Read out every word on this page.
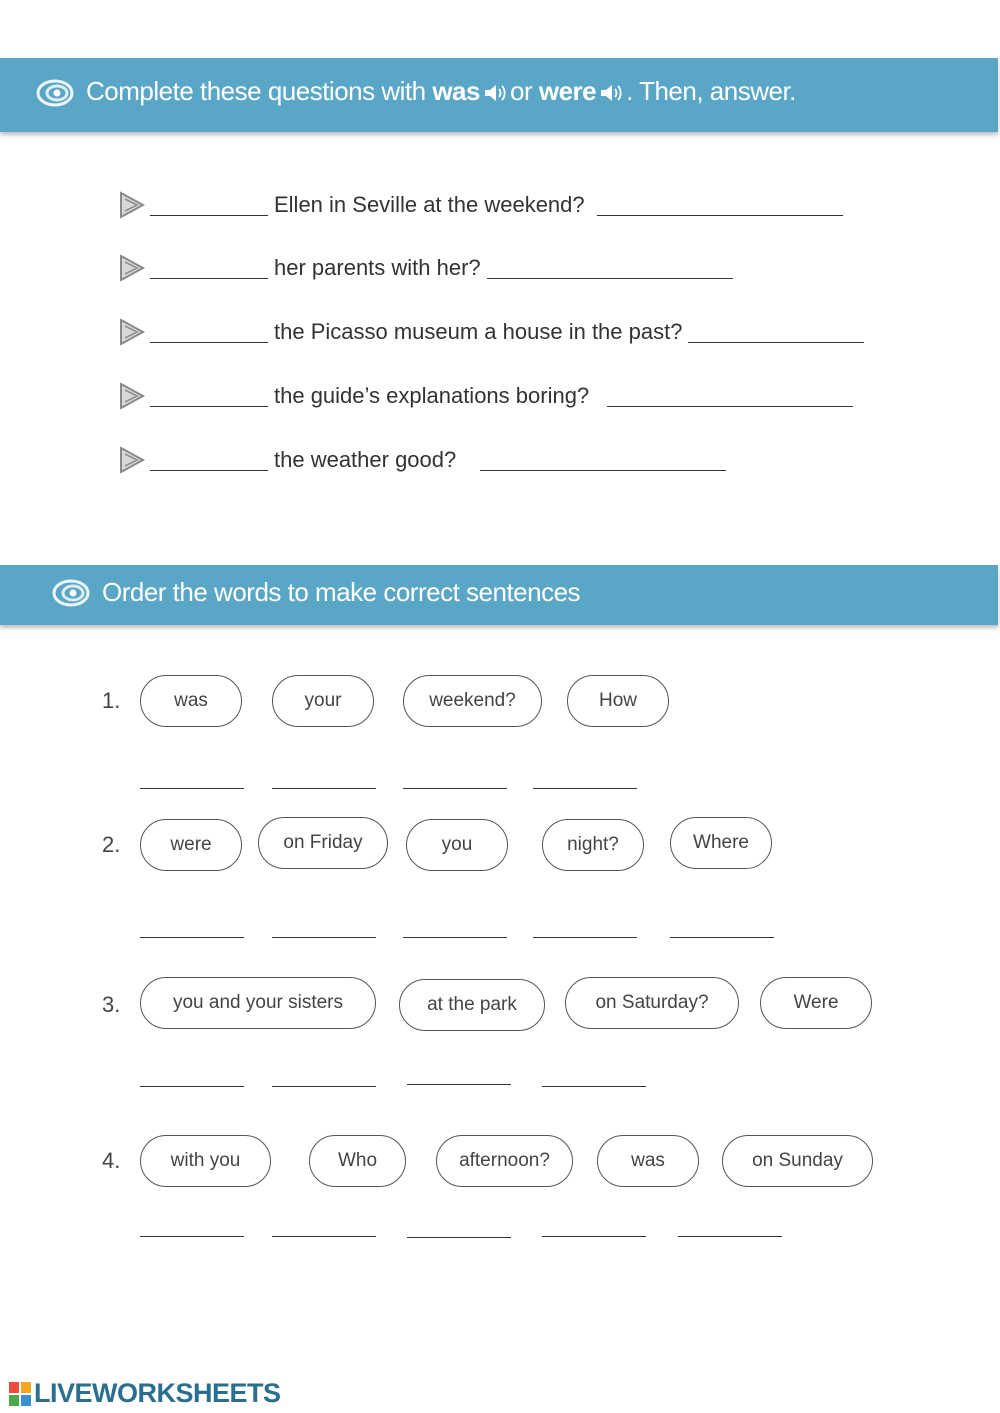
Complete these questions with was or were . Then, answer.
Ellen in Seville at the weekend?
her parents with her?
the Picasso museum a house in the past?
the guide’s explanations boring?
the weather good?
Order the words to make correct sentences
1.	was	your	weekend?	How
2.	were	on Friday	you	night?	Where
3.	you and your sisters	at the park	on Saturday?	Were
4.	with you	Who	afternoon?	was	on Sunday
LIVEWORKSHEETS
